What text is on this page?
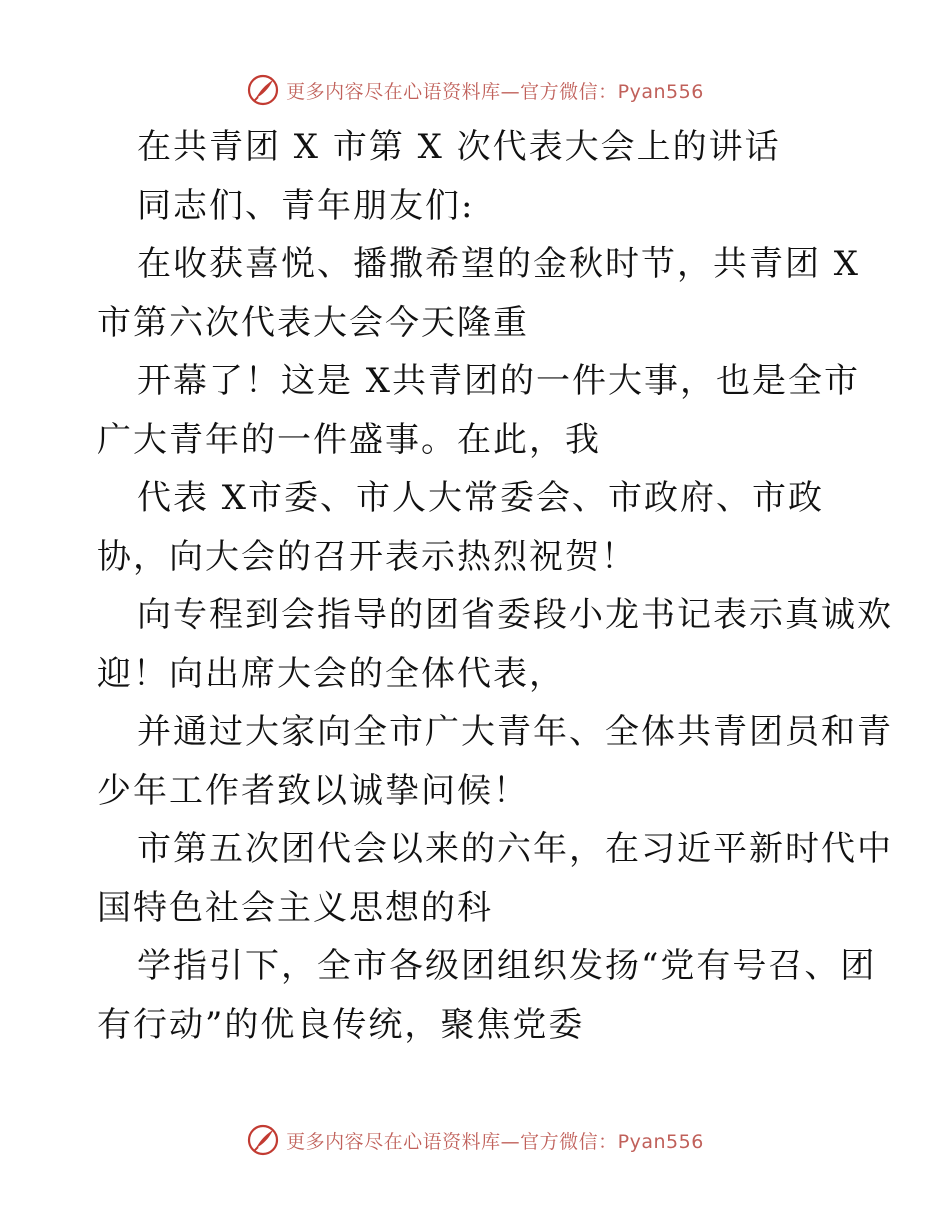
更多内容尽在心语资料库—官方微信：Pyan556
在共青团 X 市第 X 次代表大会上的讲话
同志们、青年朋友们:
在收获喜悦、播撒希望的金秋时节，共青团 X
市第六次代表大会今天隆重
开幕了！这是 X共青团的一件大事，也是全市
广大青年的一件盛事。在此，我
代表 X市委、市人大常委会、市政府、市政
协，向大会的召开表示热烈祝贺！
向专程到会指导的团省委段小龙书记表示真诚欢
迎！向出席大会的全体代表，
并通过大家向全市广大青年、全体共青团员和青
少年工作者致以诚挚问候！
市第五次团代会以来的六年，在习近平新时代中
国特色社会主义思想的科
学指引下，全市各级团组织发扬“党有号召、团
有行动”的优良传统，聚焦党委
更多内容尽在心语资料库—官方微信：Pyan556
